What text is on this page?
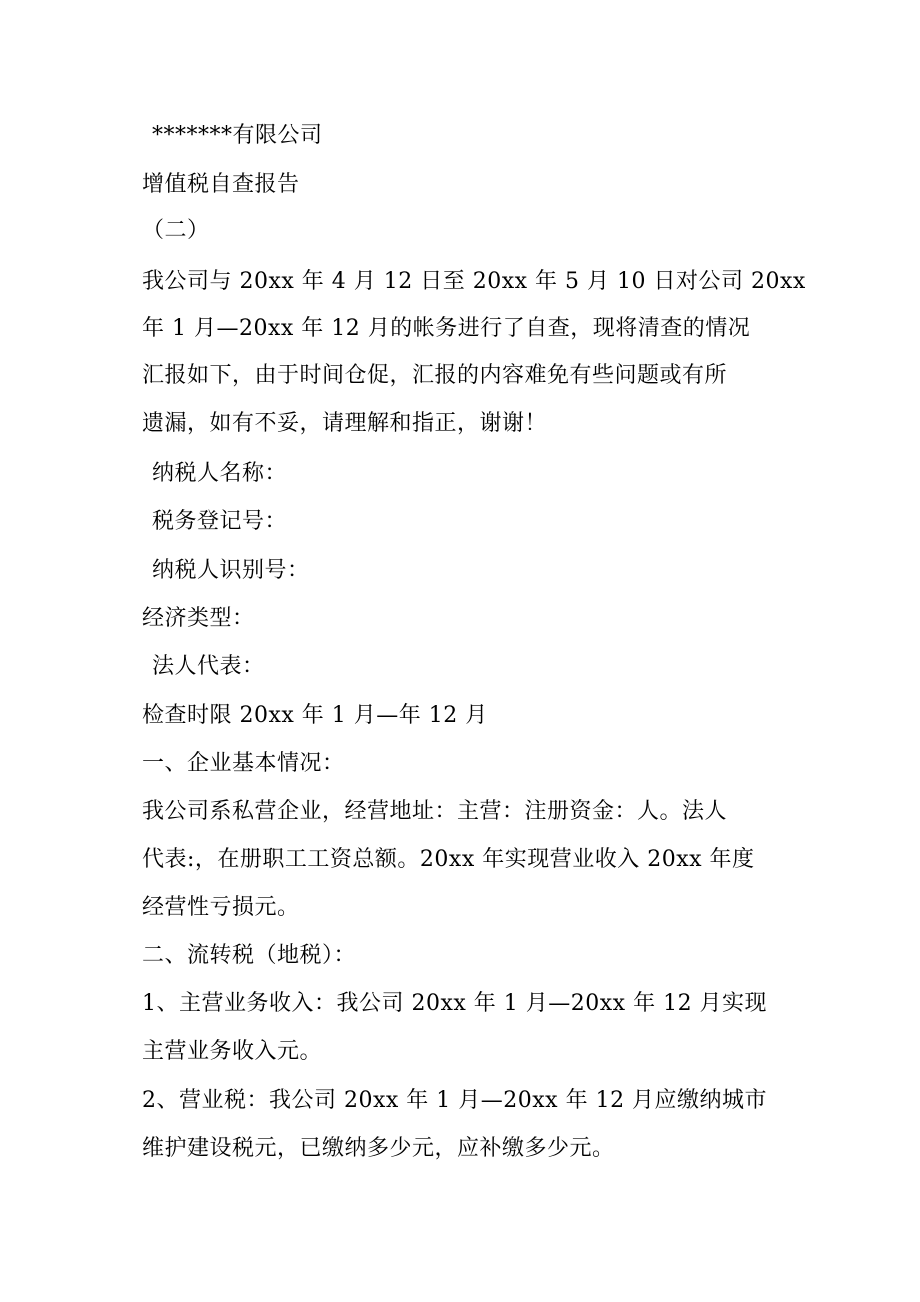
*******有限公司
增值税自查报告
（二）
我公司与 20xx 年 4 月 12 日至 20xx 年 5 月 10 日对公司 20xx
年 1 月—20xx 年 12 月的帐务进行了自查，现将清查的情况
汇报如下，由于时间仓促，汇报的内容难免有些问题或有所
遗漏，如有不妥，请理解和指正，谢谢！
纳税人名称：
税务登记号：
纳税人识别号：
经济类型：
法人代表：
检查时限 20xx 年 1 月—年 12 月
一、企业基本情况：
我公司系私营企业，经营地址：主营：注册资金：人。法人
代表:，在册职工工资总额。20xx 年实现营业收入 20xx 年度
经营性亏损元。
二、流转税（地税）：
1、主营业务收入：我公司 20xx 年 1 月—20xx 年 12 月实现
主营业务收入元。
2、营业税：我公司 20xx 年 1 月—20xx 年 12 月应缴纳城市
维护建设税元，已缴纳多少元，应补缴多少元。
